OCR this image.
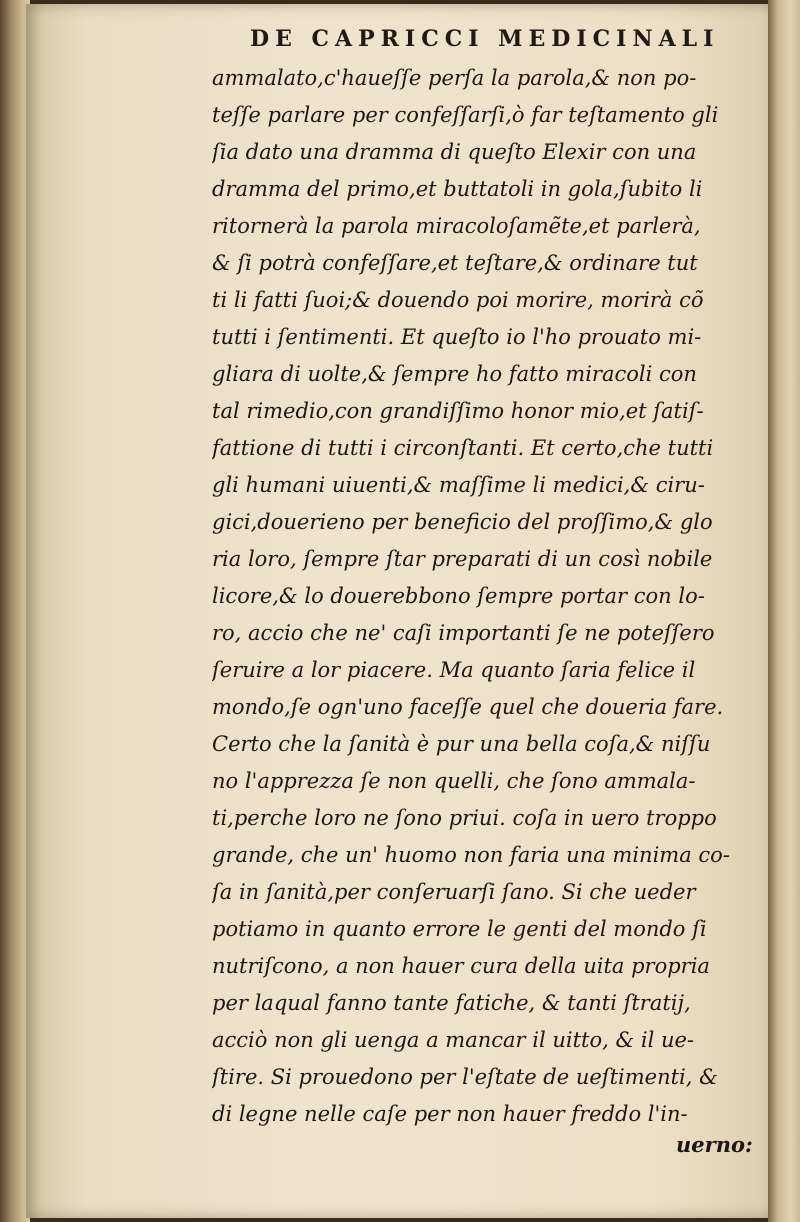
DE CAPRICCI MEDICINALI
ammalato,c'haueſſe perſa la parola,& non po-
teſſe parlare per confeſſarſi,ò far teſtamento gli
ſia dato una dramma di queſto Elexir con una
dramma del primo,et buttatoli in gola,ſubito li
ritornerà la parola miracoloſamẽte,et parlerà,
& ſi potrà confeſſare,et teſtare,& ordinare tut
ti li fatti ſuoi;& douendo poi morire, morirà cõ
tutti i ſentimenti. Et queſto io l'ho prouato mi-
gliara di uolte,& ſempre ho fatto miracoli con
tal rimedio,con grandiſſimo honor mio,et ſatiſ-
fattione di tutti i circonſtanti. Et certo,che tutti
gli humani uiuenti,& maſſime li medici,& ciru-
gici,douerieno per beneficio del proſſimo,& glo
ria loro, ſempre ſtar preparati di un così nobile
licore,& lo douerebbono ſempre portar con lo-
ro, accio che ne' caſi importanti ſe ne poteſſero
ſeruire a lor piacere. Ma quanto ſaria felice il
mondo,ſe ogn'uno faceſſe quel che doueria fare.
Certo che la ſanità è pur una bella coſa,& niſſu
no l'apprezza ſe non quelli, che ſono ammala-
ti,perche loro ne ſono priui. coſa in uero troppo
grande, che un' huomo non faria una minima co-
ſa in ſanità,per conſeruarſi ſano. Si che ueder
potiamo in quanto errore le genti del mondo ſi
nutriſcono, a non hauer cura della uita propria
per laqual fanno tante fatiche, & tanti ſtratij,
acciò non gli uenga a mancar il uitto, & il ue-
ſtire. Si prouedono per l'eſtate de ueſtimenti, &
di legne nelle caſe per non hauer freddo l'in-
uerno:
